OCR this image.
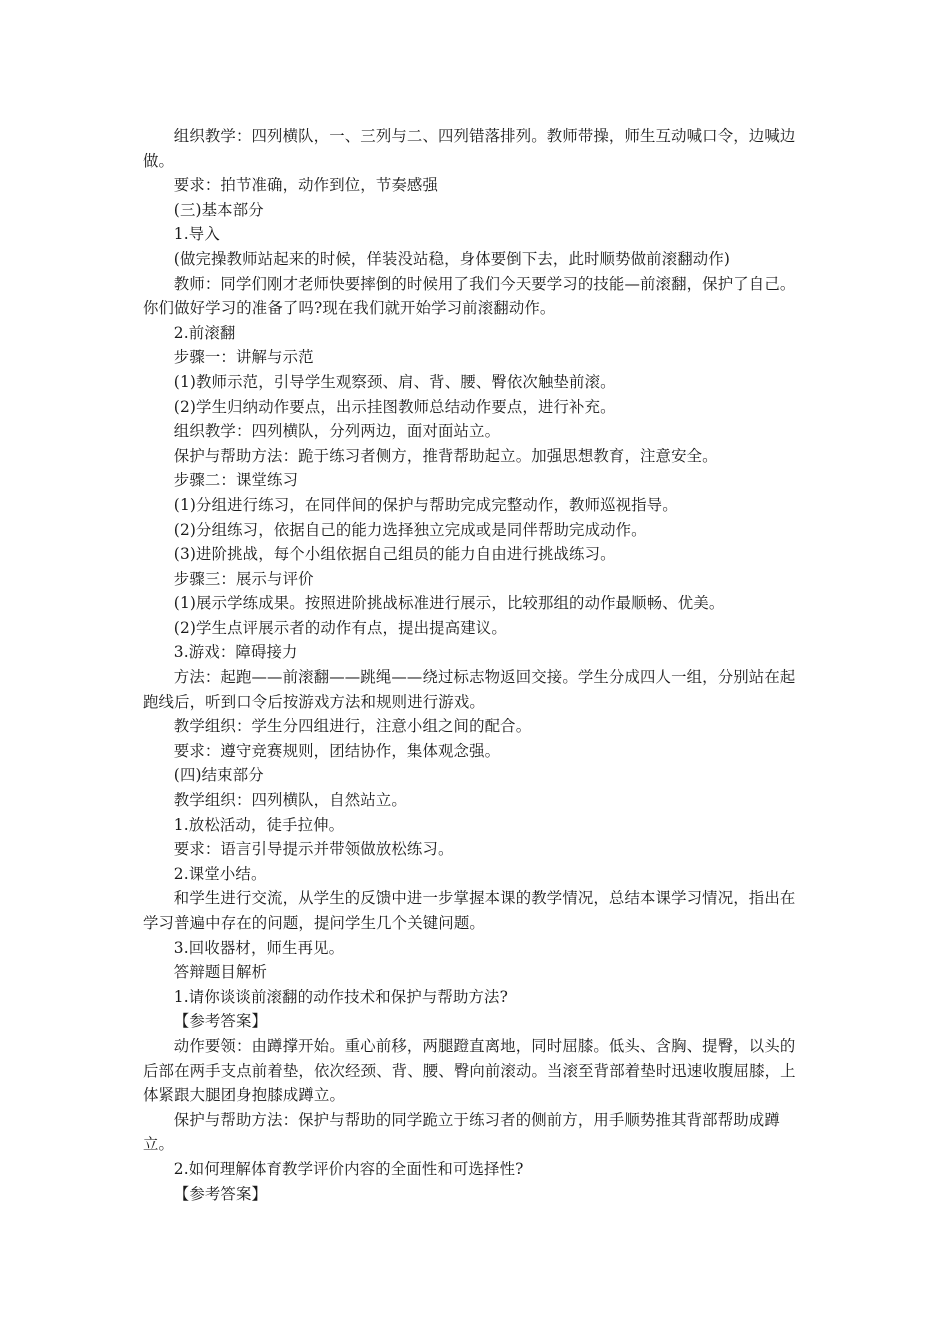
组织教学：四列横队，一、三列与二、四列错落排列。教师带操，师生互动喊口令，边喊边做。

要求：拍节准确，动作到位，节奏感强

(三)基本部分

1.导入

(做完操教师站起来的时候，佯装没站稳，身体要倒下去，此时顺势做前滚翻动作)

教师：同学们刚才老师快要摔倒的时候用了我们今天要学习的技能—前滚翻，保护了自己。你们做好学习的准备了吗?现在我们就开始学习前滚翻动作。

2.前滚翻

步骤一：讲解与示范

(1)教师示范，引导学生观察颈、肩、背、腰、臀依次触垫前滚。

(2)学生归纳动作要点，出示挂图教师总结动作要点，进行补充。

组织教学：四列横队，分列两边，面对面站立。

保护与帮助方法：跪于练习者侧方，推背帮助起立。加强思想教育，注意安全。

步骤二：课堂练习

(1)分组进行练习，在同伴间的保护与帮助完成完整动作，教师巡视指导。

(2)分组练习，依据自己的能力选择独立完成或是同伴帮助完成动作。

(3)进阶挑战，每个小组依据自己组员的能力自由进行挑战练习。

步骤三：展示与评价

(1)展示学练成果。按照进阶挑战标准进行展示，比较那组的动作最顺畅、优美。

(2)学生点评展示者的动作有点，提出提高建议。

3.游戏：障碍接力

方法：起跑——前滚翻——跳绳——绕过标志物返回交接。学生分成四人一组，分别站在起跑线后，听到口令后按游戏方法和规则进行游戏。

教学组织：学生分四组进行，注意小组之间的配合。

要求：遵守竞赛规则，团结协作，集体观念强。

(四)结束部分

教学组织：四列横队，自然站立。

1.放松活动，徒手拉伸。

要求：语言引导提示并带领做放松练习。

2.课堂小结。

和学生进行交流，从学生的反馈中进一步掌握本课的教学情况，总结本课学习情况，指出在学习普遍中存在的问题，提问学生几个关键问题。

3.回收器材，师生再见。

答辩题目解析

1.请你谈谈前滚翻的动作技术和保护与帮助方法?

【参考答案】

动作要领：由蹲撑开始。重心前移，两腿蹬直离地，同时屈膝。低头、含胸、提臀，以头的后部在两手支点前着垫，依次经颈、背、腰、臀向前滚动。当滚至背部着垫时迅速收腹屈膝，上体紧跟大腿团身抱膝成蹲立。

保护与帮助方法：保护与帮助的同学跪立于练习者的侧前方，用手顺势推其背部帮助成蹲立。

2.如何理解体育教学评价内容的全面性和可选择性?

【参考答案】
